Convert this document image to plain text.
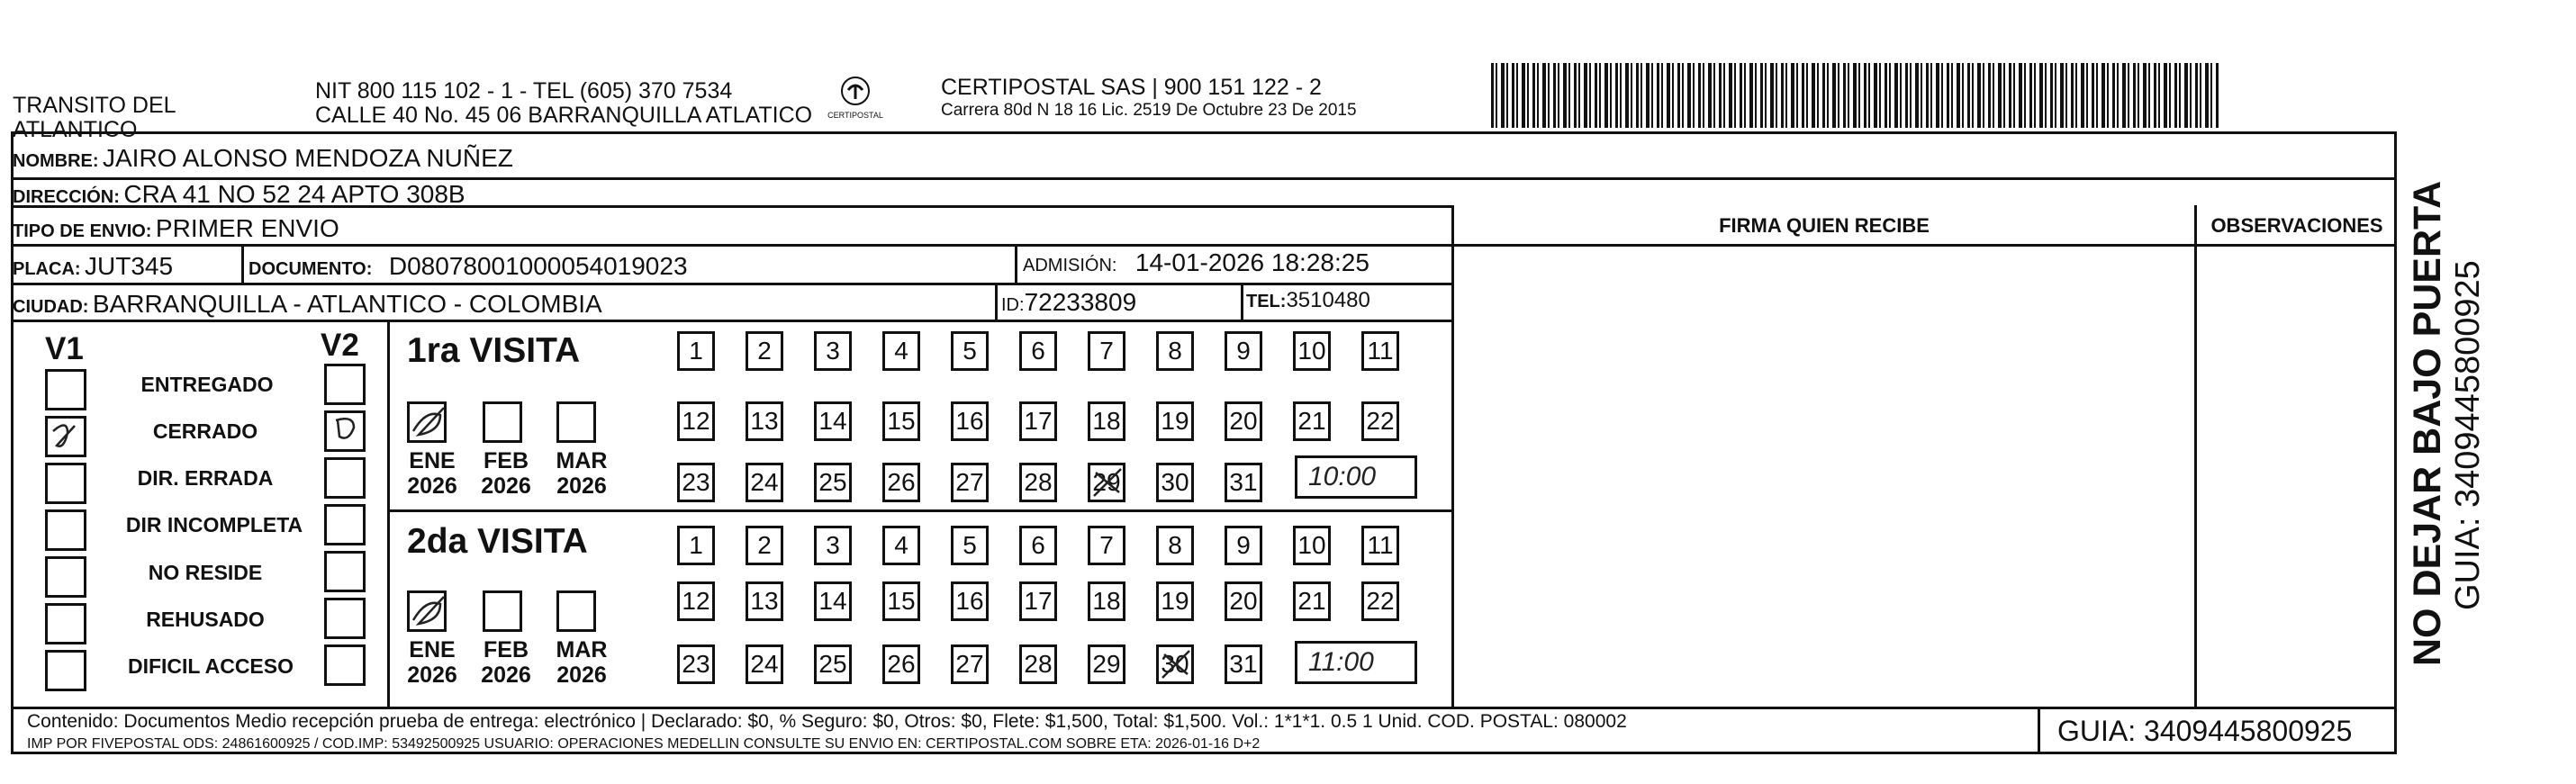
TRANSITO DEL
ATLANTICO
NIT 800 115 102 - 1 - TEL (605) 370 7534
CALLE 40 No. 45 06 BARRANQUILLA ATLATICO	CERTIPOSTAL
CERTIPOSTAL SAS | 900 151 122 - 2
Carrera 80d N 18 16 Lic. 2519 De Octubre 23 De 2015
NOMBRE: JAIRO ALONSO MENDOZA NUÑEZ
DIRECCIÓN: CRA 41 NO 52 24 APTO 308B
TIPO DE ENVIO: PRIMER ENVIO
PLACA: JUT345	DOCUMENTO: D08078001000054019023	ADMISIÓN: 14-01-2026 18:28:25
CIUDAD: BARRANQUILLA - ATLANTICO - COLOMBIA	ID:72233809	TEL:3510480
FIRMA QUIEN RECIBE	OBSERVACIONES
V1	V2
ENTREGADO
CERRADO
DIR. ERRADA
DIR INCOMPLETA
NO RESIDE
REHUSADO
DIFICIL ACCESO
1ra VISITA
2da VISITA
ENE
2026
FEB
2026
MAR
2026
ENE
2026
FEB
2026
MAR
2026
1	2	3	4	5	6	7	8	9	10 11
12 13 14 15 16 17 18 19 20 21 22
23 24 25 26 27 28 29 30 31
1	2	3	4	5	6	7	8	9	10 11
12 13 14 15 16 17 18 19 20 21 22
23 24 25 26 27 28 29 30 31
10:00
11:00
Contenido: Documentos Medio recepción prueba de entrega: electrónico | Declarado: $0, % Seguro: $0, Otros: $0, Flete: $1,500, Total: $1,500. Vol.: 1*1*1. 0.5 1 Unid. COD. POSTAL: 080002
IMP POR FIVEPOSTAL ODS: 24861600925 / COD.IMP: 53492500925 USUARIO: OPERACIONES MEDELLIN CONSULTE SU ENVIO EN: CERTIPOSTAL.COM SOBRE ETA: 2026-01-16 D+2	GUIA: 3409445800925
NO DEJAR BAJO PUERTA GUIA: 3409445800925
